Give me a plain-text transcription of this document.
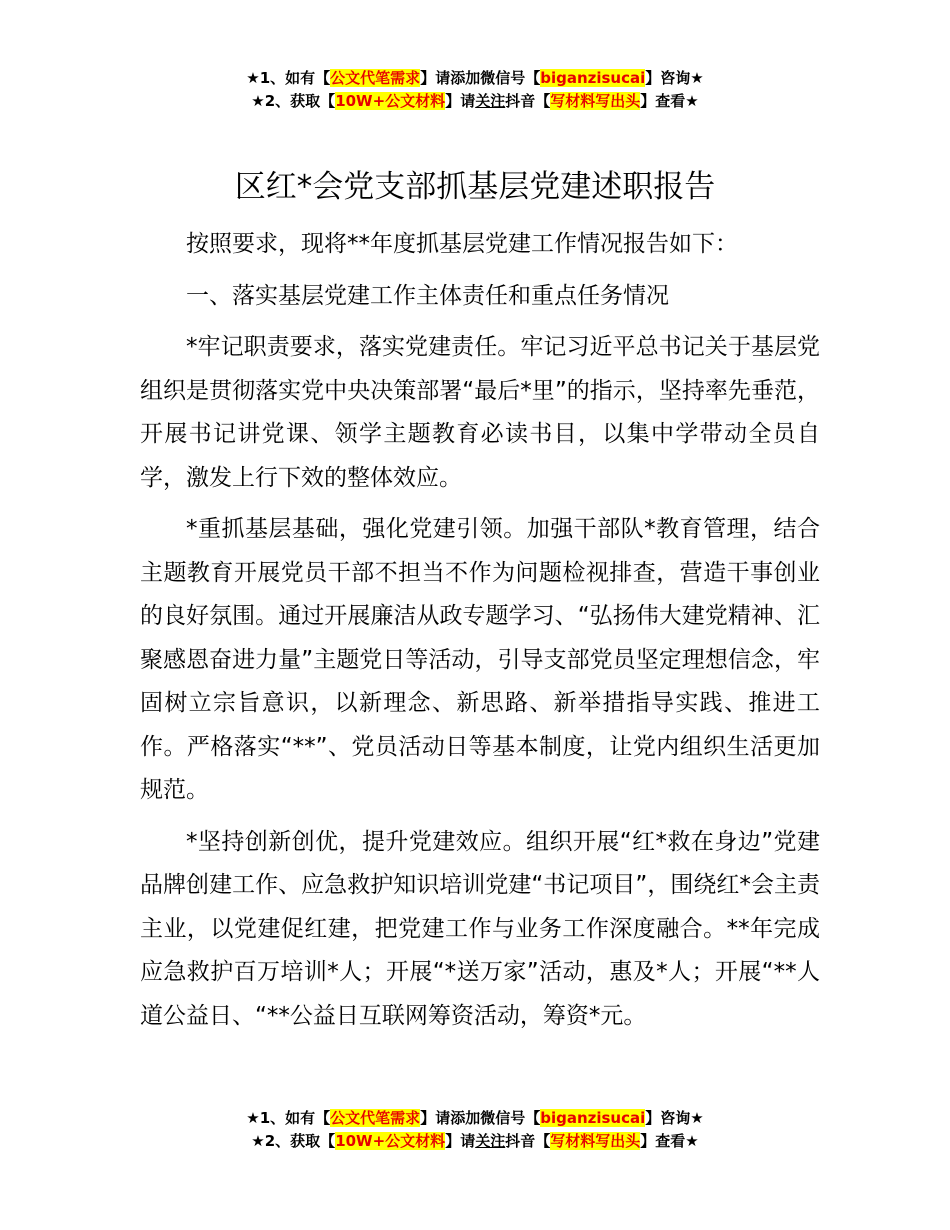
★1、如有【公文代笔需求】请添加微信号【biganzisucai】咨询★
★2、获取【10W+公文材料】请关注抖音【写材料写出头】查看★
区红*会党支部抓基层党建述职报告

按照要求，现将**年度抓基层党建工作情况报告如下：

一、落实基层党建工作主体责任和重点任务情况

*牢记职责要求，落实党建责任。牢记习近平总书记关于基层党组织是贯彻落实党中央决策部署“最后*里”的指示，坚持率先垂范，开展书记讲党课、领学主题教育必读书目，以集中学带动全员自学，激发上行下效的整体效应。

*重抓基层基础，强化党建引领。加强干部队*教育管理，结合主题教育开展党员干部不担当不作为问题检视排查，营造干事创业的良好氛围。通过开展廉洁从政专题学习、“弘扬伟大建党精神、汇聚感恩奋进力量”主题党日等活动，引导支部党员坚定理想信念，牢固树立宗旨意识，以新理念、新思路、新举措指导实践、推进工作。严格落实“**”、党员活动日等基本制度，让党内组织生活更加规范。

*坚持创新创优，提升党建效应。组织开展“红*救在身边”党建品牌创建工作、应急救护知识培训党建“书记项目”，围绕红*会主责主业，以党建促红建，把党建工作与业务工作深度融合。**年完成应急救护百万培训*人；开展“*送万家”活动，惠及*人；开展“**人道公益日、“**公益日互联网筹资活动，筹资*元。

★1、如有【公文代笔需求】请添加微信号【biganzisucai】咨询★
★2、获取【10W+公文材料】请关注抖音【写材料写出头】查看★
